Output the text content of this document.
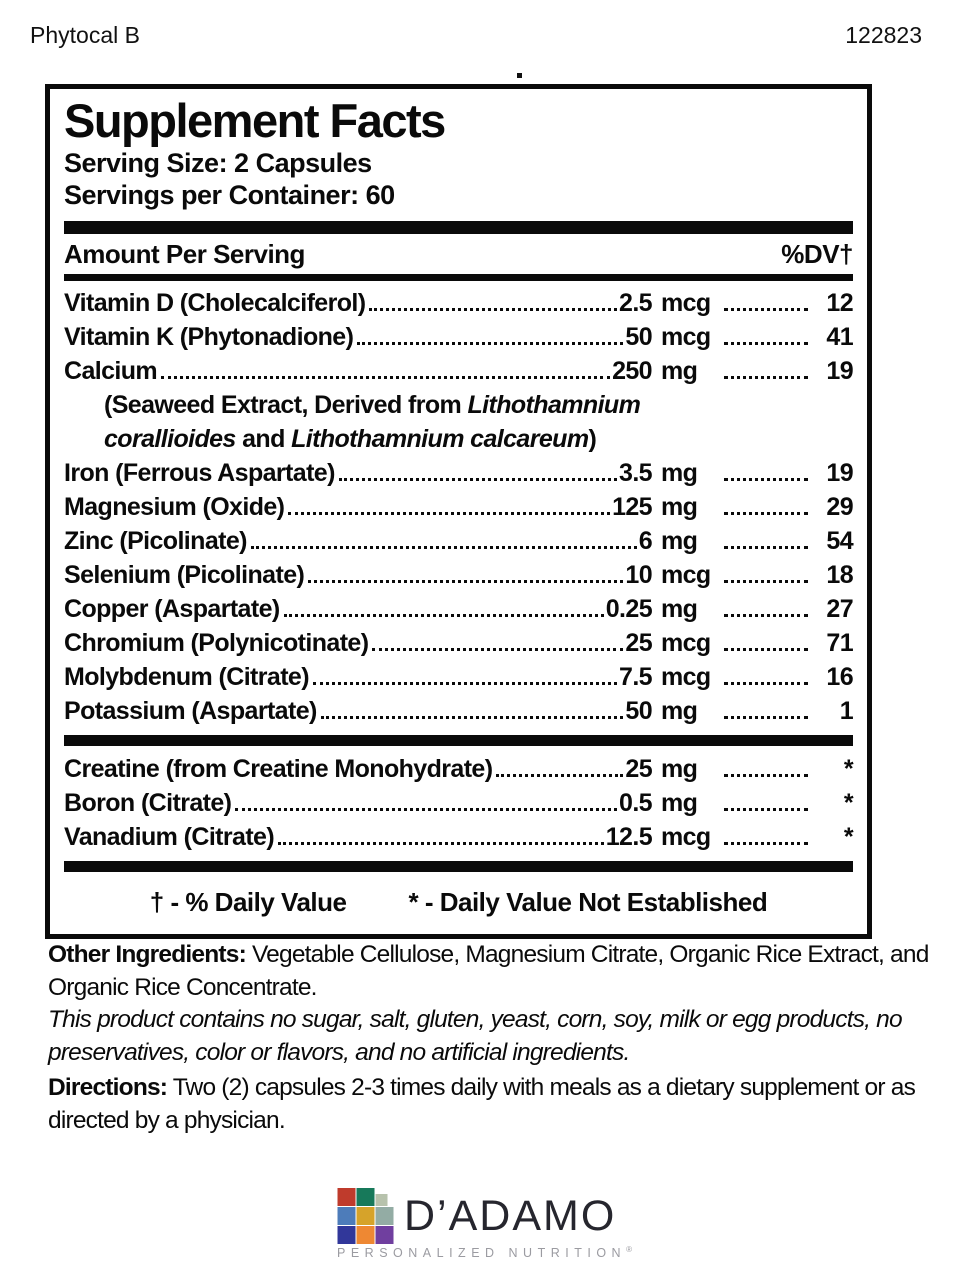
Phytocal B	122823
Supplement Facts
Serving Size: 2 Capsules
Servings per Container: 60
Amount Per Serving	%DV†
Vitamin D (Cholecalciferol)	2.5 mcg	12
Vitamin K (Phytonadione)	50 mcg	41
Calcium	250 mg	19
(Seaweed Extract, Derived from Lithothamnium
corallioides and Lithothamnium calcareum)
Iron (Ferrous Aspartate)	3.5 mg	19
Magnesium (Oxide)	125 mg	29
Zinc (Picolinate)	6 mg	54
Selenium (Picolinate)	10 mcg	18
Copper (Aspartate)	0.25 mg	27
Chromium (Polynicotinate)	25 mcg	71
Molybdenum (Citrate)	7.5 mcg	16
Potassium (Aspartate)	50 mg	1
Creatine (from Creatine Monohydrate)	25 mg	*
Boron (Citrate)	0.5 mg	*
Vanadium (Citrate)	12.5 mcg	*
† - % Daily Value * - Daily Value Not Established
Other Ingredients: Vegetable Cellulose, Magnesium Citrate, Organic Rice Extract, and Organic Rice Concentrate.
This product contains no sugar, salt, gluten, yeast, corn, soy, milk or egg products, no preservatives, color or flavors, and no artificial ingredients.
Directions: Two (2) capsules 2-3 times daily with meals as a dietary supplement or as directed by a physician.
D’ADAMO
PERSONALIZED NUTRITION®
